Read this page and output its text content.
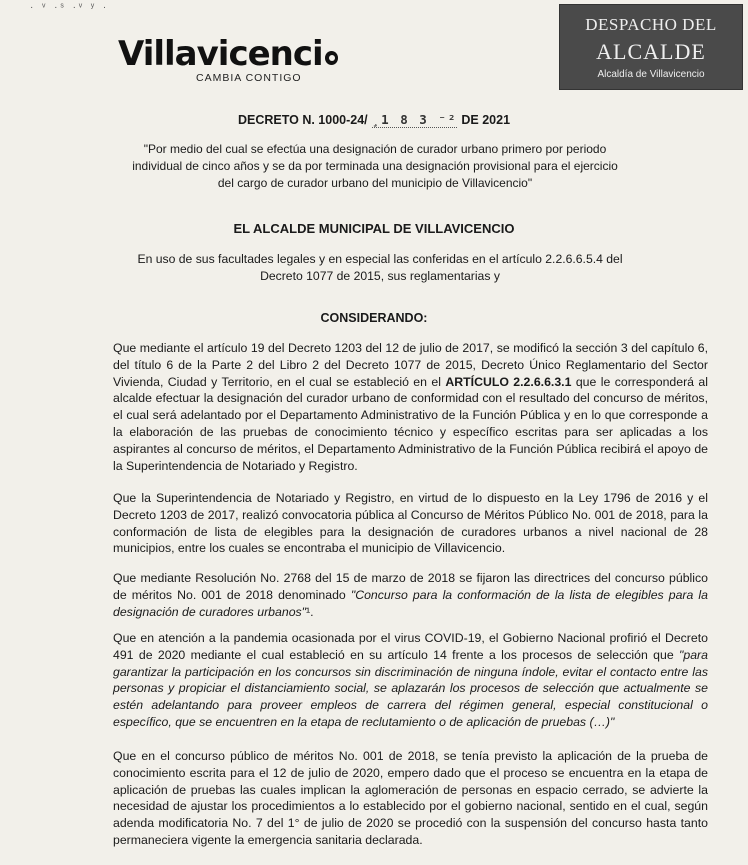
· ᵛ ·ˢ ·ᵛ ʸ ·
Villavicenci
CAMBIA CONTIGO
DESPACHO DEL
ALCALDE
Alcaldía de Villavicencio
DECRETO N. 1000-24/ ¸1 8 3 ⁻² DE 2021
"Por medio del cual se efectúa una designación de curador urbano primero por periodo individual de cinco años y se da por terminada una designación provisional para el ejercicio del cargo de curador urbano del municipio de Villavicencio"
EL ALCALDE MUNICIPAL DE VILLAVICENCIO
En uso de sus facultades legales y en especial las conferidas en el artículo 2.2.6.6.5.4 del Decreto 1077 de 2015, sus reglamentarias y
CONSIDERANDO:
Que mediante el artículo 19 del Decreto 1203 del 12 de julio de 2017, se modificó la sección 3 del capítulo 6, del título 6 de la Parte 2 del Libro 2 del Decreto 1077 de 2015, Decreto Único Reglamentario del Sector Vivienda, Ciudad y Territorio, en el cual se estableció en el ARTÍCULO 2.2.6.6.3.1 que le corresponderá al alcalde efectuar la designación del curador urbano de conformidad con el resultado del concurso de méritos, el cual será adelantado por el Departamento Administrativo de la Función Pública y en lo que corresponde a la elaboración de las pruebas de conocimiento técnico y específico escritas para ser aplicadas a los aspirantes al concurso de méritos, el Departamento Administrativo de la Función Pública recibirá el apoyo de la Superintendencia de Notariado y Registro.
Que la Superintendencia de Notariado y Registro, en virtud de lo dispuesto en la Ley 1796 de 2016 y el Decreto 1203 de 2017, realizó convocatoria pública al Concurso de Méritos Público No. 001 de 2018, para la conformación de lista de elegibles para la designación de curadores urbanos a nivel nacional de 28 municipios, entre los cuales se encontraba el municipio de Villavicencio.
Que mediante Resolución No. 2768 del 15 de marzo de 2018 se fijaron las directrices del concurso público de méritos No. 001 de 2018 denominado "Concurso para la conformación de la lista de elegibles para la designación de curadores urbanos"¹.
Que en atención a la pandemia ocasionada por el virus COVID-19, el Gobierno Nacional profirió el Decreto 491 de 2020 mediante el cual estableció en su artículo 14 frente a los procesos de selección que "para garantizar la participación en los concursos sin discriminación de ninguna índole, evitar el contacto entre las personas y propiciar el distanciamiento social, se aplazarán los procesos de selección que actualmente se estén adelantando para proveer empleos de carrera del régimen general, especial constitucional o específico, que se encuentren en la etapa de reclutamiento o de aplicación de pruebas (…)"
Que en el concurso público de méritos No. 001 de 2018, se tenía previsto la aplicación de la prueba de conocimiento escrita para el 12 de julio de 2020, empero dado que el proceso se encuentra en la etapa de aplicación de pruebas las cuales implican la aglomeración de personas en espacio cerrado, se advierte la necesidad de ajustar los procedimientos a lo establecido por el gobierno nacional, sentido en el cual, según adenda modificatoria No. 7 del 1° de julio de 2020 se procedió con la suspensión del concurso hasta tanto permaneciera vigente la emergencia sanitaria declarada.
